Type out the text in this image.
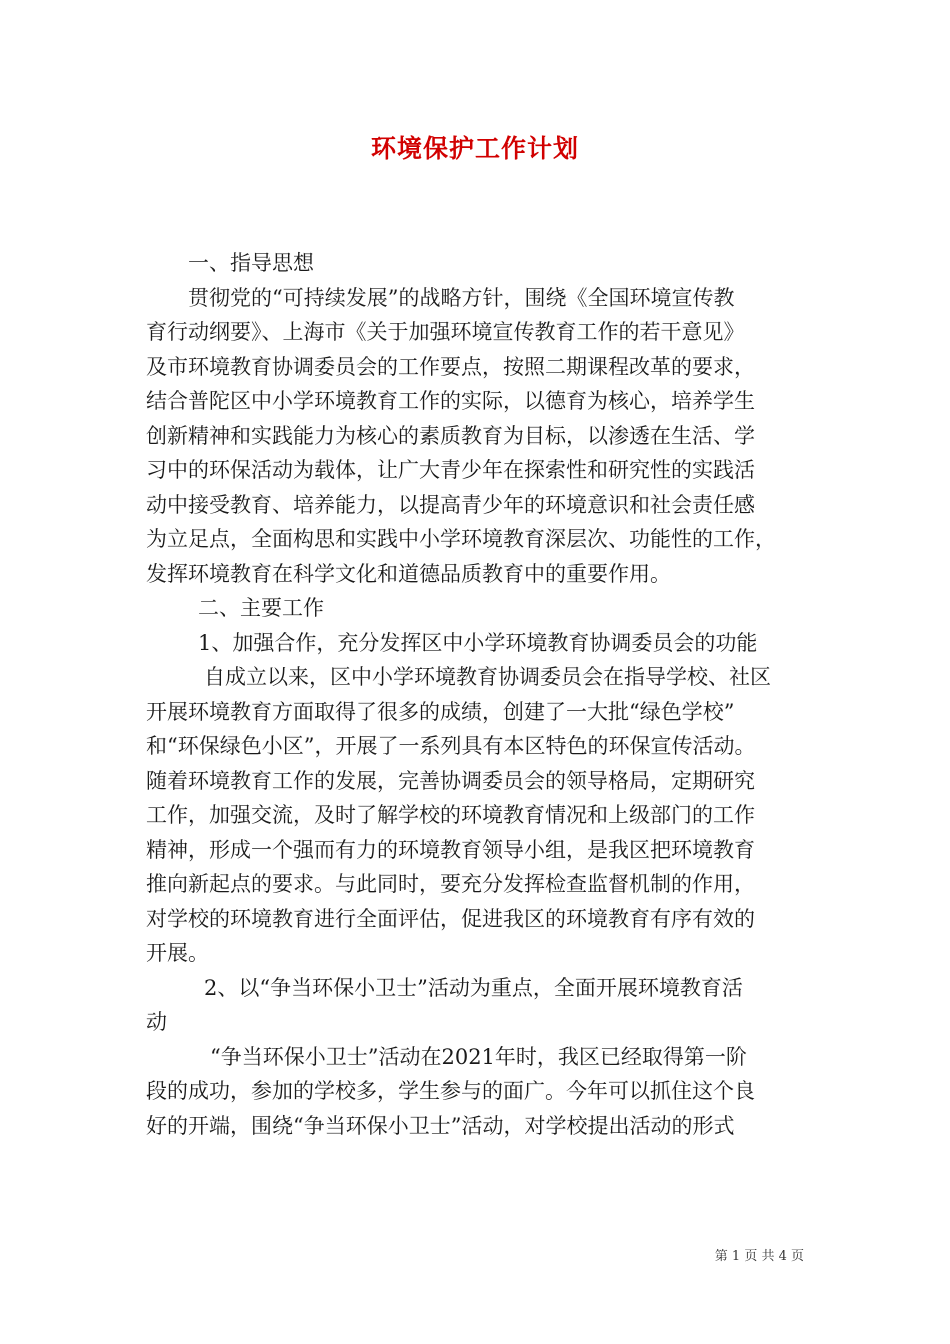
环境保护工作计划
一、指导思想
贯彻党的“可持续发展”的战略方针，围绕《全国环境宣传教
育行动纲要》、上海市《关于加强环境宣传教育工作的若干意见》
及市环境教育协调委员会的工作要点，按照二期课程改革的要求，
结合普陀区中小学环境教育工作的实际，以德育为核心，培养学生
创新精神和实践能力为核心的素质教育为目标，以渗透在生活、学
习中的环保活动为载体，让广大青少年在探索性和研究性的实践活
动中接受教育、培养能力，以提高青少年的环境意识和社会责任感
为立足点，全面构思和实践中小学环境教育深层次、功能性的工作，
发挥环境教育在科学文化和道德品质教育中的重要作用。
二、主要工作
1、加强合作，充分发挥区中小学环境教育协调委员会的功能
自成立以来，区中小学环境教育协调委员会在指导学校、社区
开展环境教育方面取得了很多的成绩，创建了一大批“绿色学校”
和“环保绿色小区”，开展了一系列具有本区特色的环保宣传活动。
随着环境教育工作的发展，完善协调委员会的领导格局，定期研究
工作，加强交流，及时了解学校的环境教育情况和上级部门的工作
精神，形成一个强而有力的环境教育领导小组，是我区把环境教育
推向新起点的要求。与此同时，要充分发挥检查监督机制的作用，
对学校的环境教育进行全面评估，促进我区的环境教育有序有效的
开展。
2、以“争当环保小卫士”活动为重点，全面开展环境教育活
动
“争当环保小卫士”活动在2021年时，我区已经取得第一阶
段的成功，参加的学校多，学生参与的面广。今年可以抓住这个良
好的开端，围绕“争当环保小卫士”活动，对学校提出活动的形式
第 1 页 共 4 页
